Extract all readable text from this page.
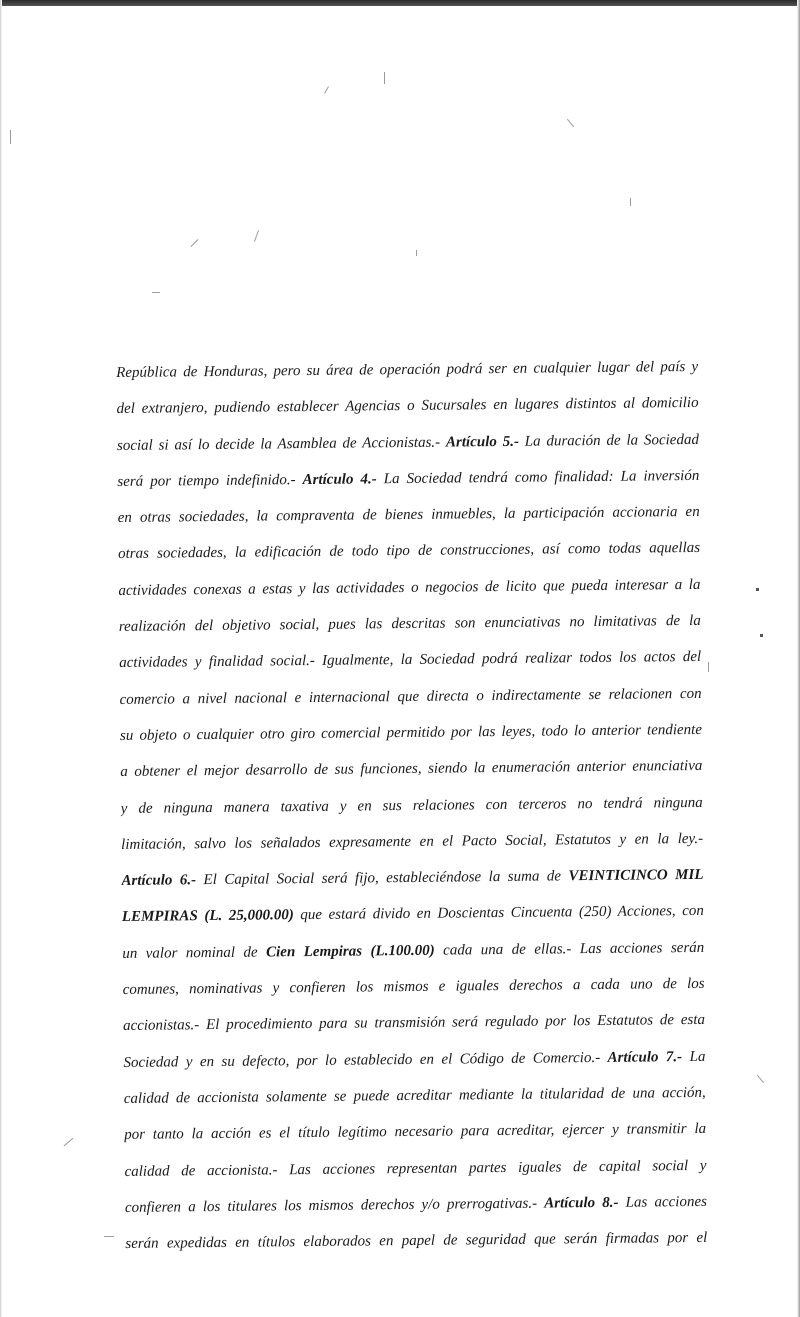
República de Honduras, pero su área de operación podrá ser en cualquier lugar del país y
del extranjero, pudiendo establecer Agencias o Sucursales en lugares distintos al domicilio
social si así lo decide la Asamblea de Accionistas.- Artículo 5.- La duración de la Sociedad
será por tiempo indefinido.- Artículo 4.- La Sociedad tendrá como finalidad: La inversión
en otras sociedades, la compraventa de bienes inmuebles, la participación accionaria en
otras sociedades, la edificación de todo tipo de construcciones, así como todas aquellas
actividades conexas a estas y las actividades o negocios de licito que pueda interesar a la
realización del objetivo social, pues las descritas son enunciativas no limitativas de la
actividades y finalidad social.- Igualmente, la Sociedad podrá realizar todos los actos del
comercio a nivel nacional e internacional que directa o indirectamente se relacionen con
su objeto o cualquier otro giro comercial permitido por las leyes, todo lo anterior tendiente
a obtener el mejor desarrollo de sus funciones, siendo la enumeración anterior enunciativa
y de ninguna manera taxativa y en sus relaciones con terceros no tendrá ninguna
limitación, salvo los señalados expresamente en el Pacto Social, Estatutos y en la ley.-
Artículo 6.- El Capital Social será fijo, estableciéndose la suma de VEINTICINCO MIL
LEMPIRAS (L. 25,000.00) que estará divido en Doscientas Cincuenta (250) Acciones, con
un valor nominal de Cien Lempiras (L.100.00) cada una de ellas.- Las acciones serán
comunes, nominativas y confieren los mismos e iguales derechos a cada uno de los
accionistas.- El procedimiento para su transmisión será regulado por los Estatutos de esta
Sociedad y en su defecto, por lo establecido en el Código de Comercio.- Artículo 7.- La
calidad de accionista solamente se puede acreditar mediante la titularidad de una acción,
por tanto la acción es el título legítimo necesario para acreditar, ejercer y transmitir la
calidad de accionista.- Las acciones representan partes iguales de capital social y
confieren a los titulares los mismos derechos y/o prerrogativas.- Artículo 8.- Las acciones
serán expedidas en títulos elaborados en papel de seguridad que serán firmadas por el
